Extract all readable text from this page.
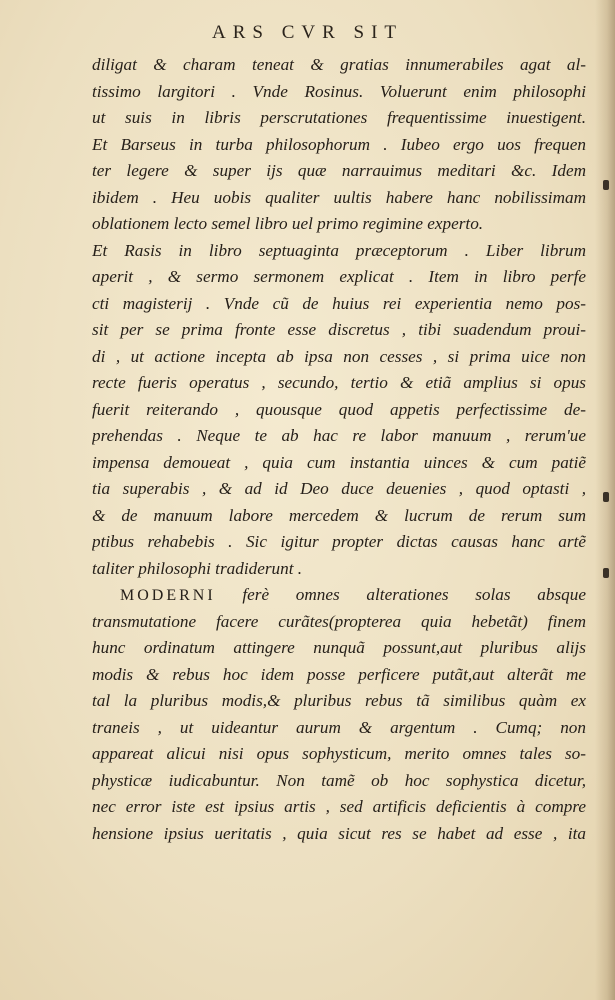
ARS CVR SIT
diligat & charam teneat & gratias innumerabiles agat al-
tissimo largitori . Vnde Rosinus. Voluerunt enim philosophi
ut suis in libris perscrutationes frequentissime inuestigent.
Et Barseus in turba philosophorum . Iubeo ergo uos frequen
ter legere & super ijs quæ narrauimus meditari &c. Idem
ibidem . Heu uobis qualiter uultis habere hanc nobilissimam
oblationem lecto semel libro uel primo regimine experto.
Et Rasis in libro septuaginta præceptorum . Liber librum
aperit , & sermo sermonem explicat . Item in libro perfe
cti magisterij . Vnde cũ de huius rei experientia nemo pos-
sit per se prima fronte esse discretus , tibi suadendum proui-
di , ut actione incepta ab ipsa non cesses , si prima uice non
recte fueris operatus , secundo, tertio & etiã amplius si opus
fuerit reiterando , quousque quod appetis perfectissime de-
prehendas . Neque te ab hac re labor manuum , rerum'ue
impensa demoueat , quia cum instantia uinces & cum patiẽ
tia superabis , & ad id Deo duce deuenies , quod optasti ,
& de manuum labore mercedem & lucrum de rerum sum
ptibus rehabebis . Sic igitur propter dictas causas hanc artẽ
taliter philosophi tradiderunt .
MODERNI ferè omnes alterationes solas absque
transmutatione facere curãtes(propterea quia hebetãt) finem
hunc ordinatum attingere nunquã possunt,aut pluribus alijs
modis & rebus hoc idem posse perficere putãt,aut alterãt me
tal la pluribus modis,& pluribus rebus tã similibus quàm ex
traneis , ut uideantur aurum & argentum . Cumq; non
appareat alicui nisi opus sophysticum, merito omnes tales so-
physticæ iudicabuntur. Non tamẽ ob hoc sophystica dicetur,
nec error iste est ipsius artis , sed artificis deficientis à compre
hensione ipsius ueritatis , quia sicut res se habet ad esse , ita
